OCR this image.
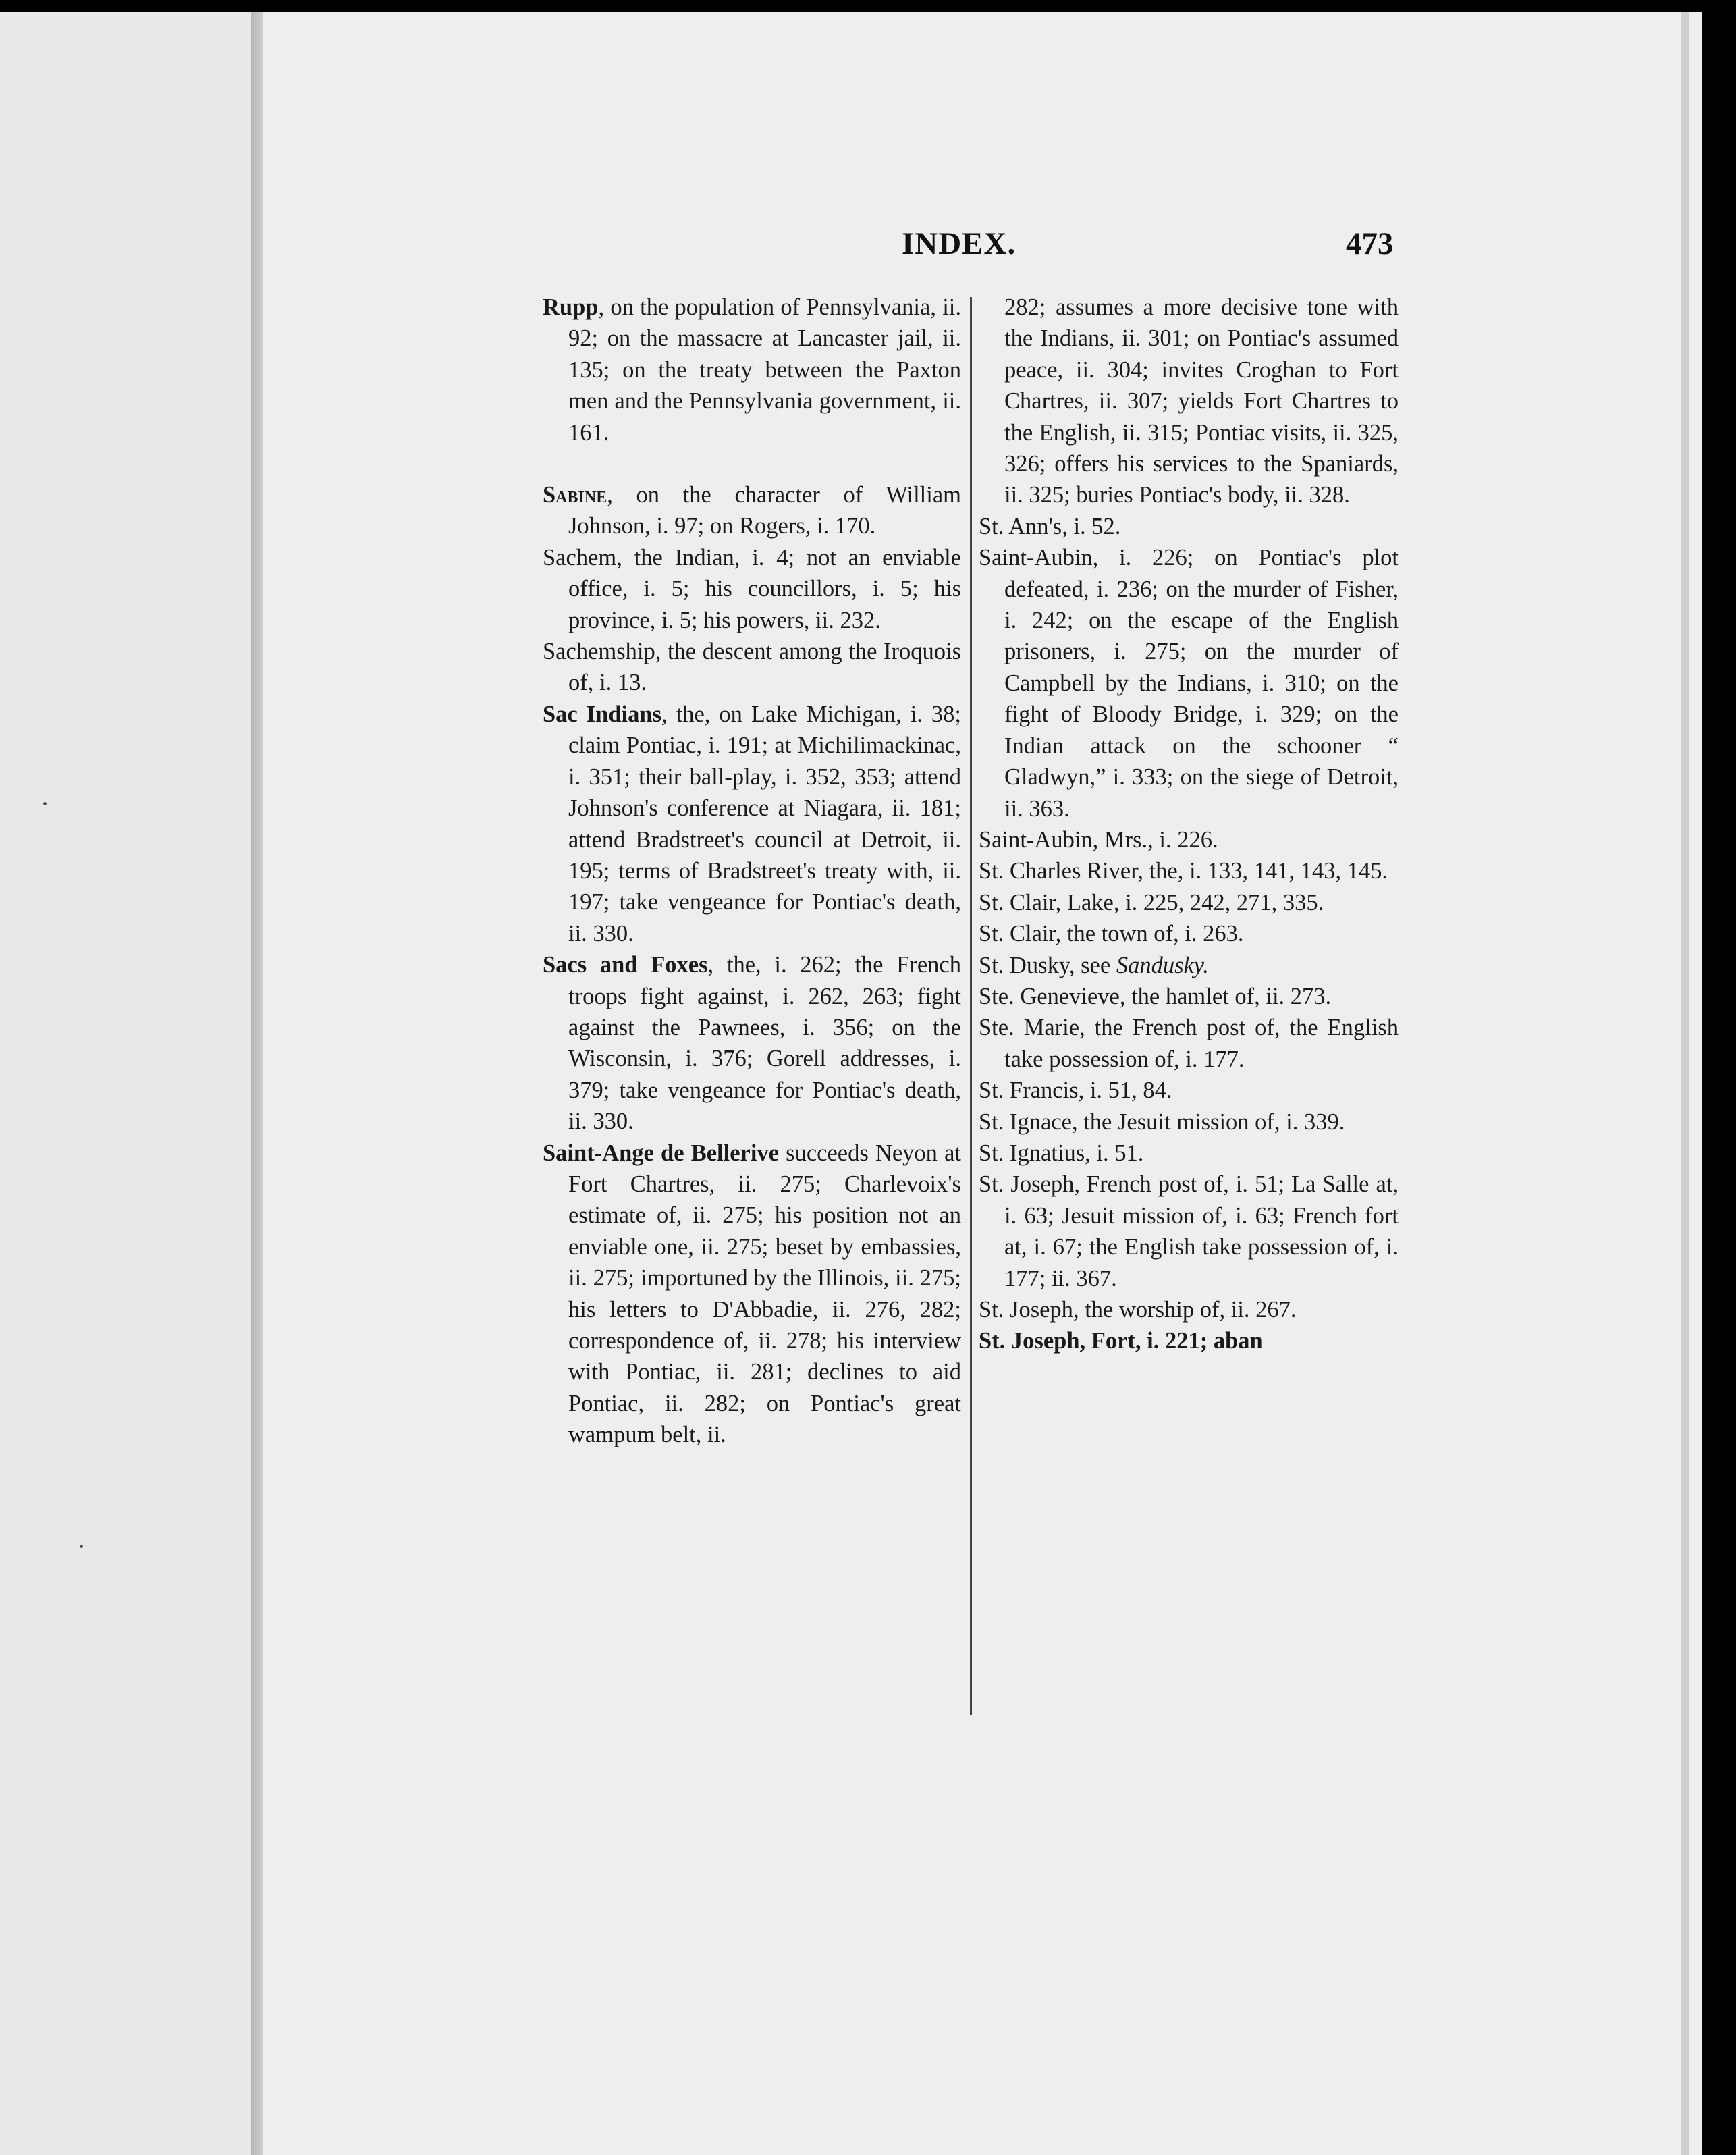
INDEX.	473

Rupp, on the population of Pennsylvania, ii. 92; on the massacre at Lancaster jail, ii. 135; on the treaty between the Paxton men and the Pennsylvania government, ii. 161.

Sabine, on the character of William Johnson, i. 97; on Rogers, i. 170.

Sachem, the Indian, i. 4; not an enviable office, i. 5; his councillors, i. 5; his province, i. 5; his powers, ii. 232.

Sachemship, the descent among the Iroquois of, i. 13.

Sac Indians, the, on Lake Michigan, i. 38; claim Pontiac, i. 191; at Michilimackinac, i. 351; their ball-play, i. 352, 353; attend Johnson's conference at Niagara, ii. 181; attend Bradstreet's council at Detroit, ii. 195; terms of Bradstreet's treaty with, ii. 197; take vengeance for Pontiac's death, ii. 330.

Sacs and Foxes, the, i. 262; the French troops fight against, i. 262, 263; fight against the Pawnees, i. 356; on the Wisconsin, i. 376; Gorell addresses, i. 379; take vengeance for Pontiac's death, ii. 330.

Saint-Ange de Bellerive succeeds Neyon at Fort Chartres, ii. 275; Charlevoix's estimate of, ii. 275; his position not an enviable one, ii. 275; beset by embassies, ii. 275; importuned by the Illinois, ii. 275; his letters to D'Abbadie, ii. 276, 282; correspondence of, ii. 278; his interview with Pontiac, ii. 281; declines to aid Pontiac, ii. 282; on Pontiac's great wampum belt, ii.

282; assumes a more decisive tone with the Indians, ii. 301; on Pontiac's assumed peace, ii. 304; invites Croghan to Fort Chartres, ii. 307; yields Fort Chartres to the English, ii. 315; Pontiac visits, ii. 325, 326; offers his services to the Spaniards, ii. 325; buries Pontiac's body, ii. 328.

St. Ann's, i. 52.

Saint-Aubin, i. 226; on Pontiac's plot defeated, i. 236; on the murder of Fisher, i. 242; on the escape of the English prisoners, i. 275; on the murder of Campbell by the Indians, i. 310; on the fight of Bloody Bridge, i. 329; on the Indian attack on the schooner “ Gladwyn,” i. 333; on the siege of Detroit, ii. 363.

Saint-Aubin, Mrs., i. 226.

St. Charles River, the, i. 133, 141, 143, 145.

St. Clair, Lake, i. 225, 242, 271, 335.

St. Clair, the town of, i. 263.

St. Dusky, see Sandusky.

Ste. Genevieve, the hamlet of, ii. 273.

Ste. Marie, the French post of, the English take possession of, i. 177.

St. Francis, i. 51, 84.

St. Ignace, the Jesuit mission of, i. 339.

St. Ignatius, i. 51.

St. Joseph, French post of, i. 51; La Salle at, i. 63; Jesuit mission of, i. 63; French fort at, i. 67; the English take possession of, i. 177; ii. 367.

St. Joseph, the worship of, ii. 267.

St. Joseph, Fort, i. 221; aban
